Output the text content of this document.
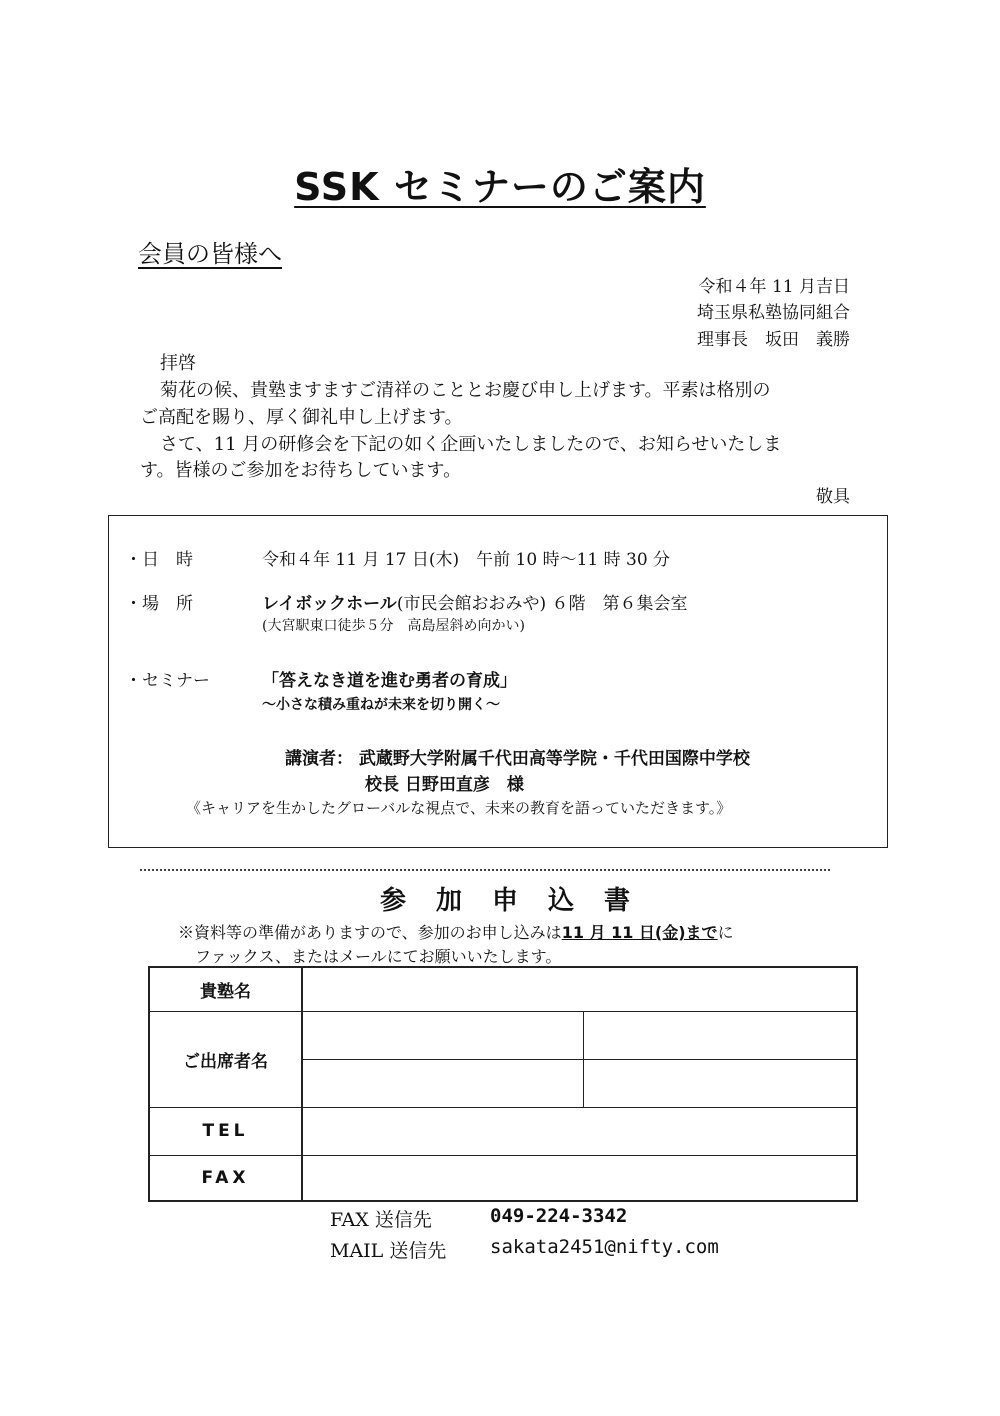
SSK セミナーのご案内
会員の皆様へ
令和４年 11 月吉日
埼玉県私塾協同組合
理事長　坂田　義勝
拝啓
菊花の候、貴塾ますますご清祥のこととお慶び申し上げます。平素は格別の
ご高配を賜り、厚く御礼申し上げます。
さて、11 月の研修会を下記の如く企画いたしましたので、お知らせいたしま
す。皆様のご参加をお待ちしています。
敬具
・日　時	令和４年 11 月 17 日(木)　午前 10 時～11 時 30 分
・場　所	レイボックホール(市民会館おおみや) ６階　第６集会室
(大宮駅東口徒歩５分　高島屋斜め向かい)
・セミナー	「答えなき道を進む勇者の育成」
～小さな積み重ねが未来を切り開く～
講演者： 武蔵野大学附属千代田高等学院・千代田国際中学校
校長 日野田直彦　様
《キャリアを生かしたグローバルな視点で、未来の教育を語っていただきます。》
参加申込書
※資料等の準備がありますので、参加のお申し込みは11 月 11 日(金)までに
ファックス、またはメールにてお願いいたします。
貴塾名		
ご出席者名		

TEL		
FAX		
FAX 送信先	049-224-3342
MAIL 送信先 sakata2451@nifty.com
